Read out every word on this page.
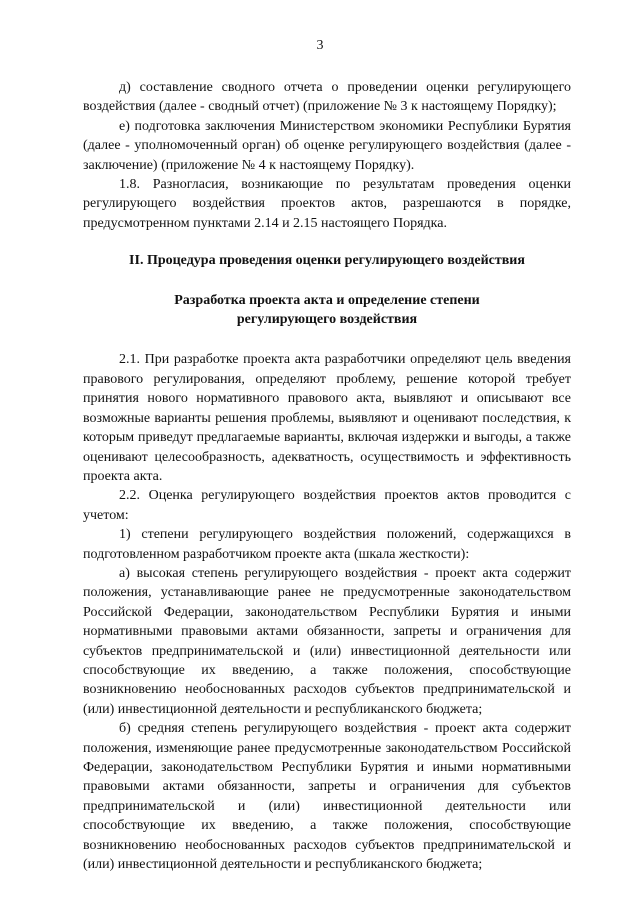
3

д) составление сводного отчета о проведении оценки регулирующего воздействия (далее - сводный отчет) (приложение № 3 к настоящему Порядку);

е) подготовка заключения Министерством экономики Республики Бурятия (далее - уполномоченный орган) об оценке регулирующего воздействия (далее - заключение) (приложение № 4 к настоящему Порядку).

1.8. Разногласия, возникающие по результатам проведения оценки регулирующего воздействия проектов актов, разрешаются в порядке, предусмотренном пунктами 2.14 и 2.15 настоящего Порядка.

II. Процедура проведения оценки регулирующего воздействия
Разработка проекта акта и определение степени
регулирующего воздействия

2.1. При разработке проекта акта разработчики определяют цель введения правового регулирования, определяют проблему, решение которой требует принятия нового нормативного правового акта, выявляют и описывают все возможные варианты решения проблемы, выявляют и оценивают последствия, к которым приведут предлагаемые варианты, включая издержки и выгоды, а также оценивают целесообразность, адекватность, осуществимость и эффективность проекта акта.

2.2. Оценка регулирующего воздействия проектов актов проводится с учетом:

1) степени регулирующего воздействия положений, содержащихся в подготовленном разработчиком проекте акта (шкала жесткости):

а) высокая степень регулирующего воздействия - проект акта содержит положения, устанавливающие ранее не предусмотренные законодательством Российской Федерации, законодательством Республики Бурятия и иными нормативными правовыми актами обязанности, запреты и ограничения для субъектов предпринимательской и (или) инвестиционной деятельности или способствующие их введению, а также положения, способствующие возникновению необоснованных расходов субъектов предпринимательской и (или) инвестиционной деятельности и республиканского бюджета;

б) средняя степень регулирующего воздействия - проект акта содержит положения, изменяющие ранее предусмотренные законодательством Российской Федерации, законодательством Республики Бурятия и иными нормативными правовыми актами обязанности, запреты и ограничения для субъектов предпринимательской и (или) инвестиционной деятельности или способствующие их введению, а также положения, способствующие возникновению необоснованных расходов субъектов предпринимательской и (или) инвестиционной деятельности и республиканского бюджета;
